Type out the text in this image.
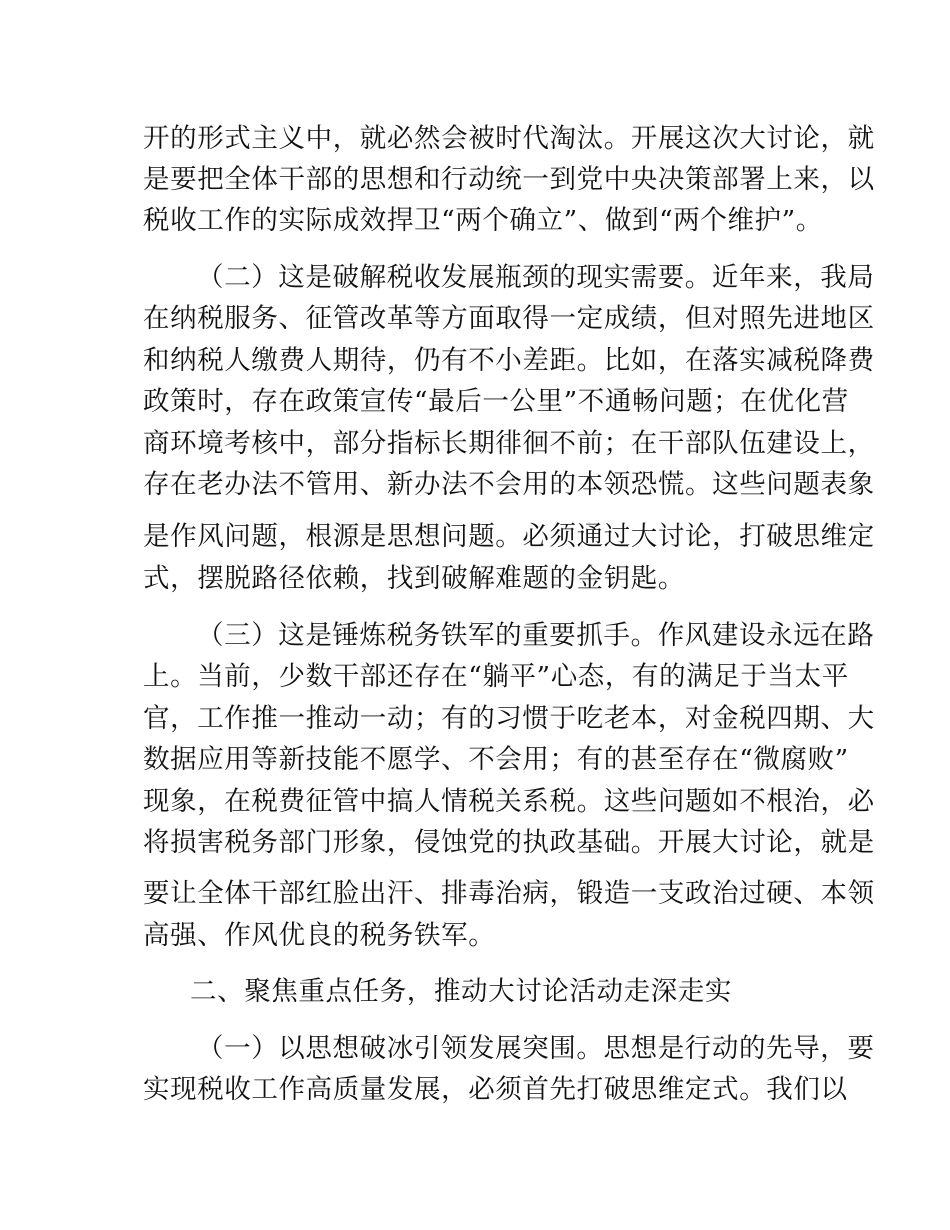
开的形式主义中，就必然会被时代淘汰。开展这次大讨论，就
是要把全体干部的思想和行动统一到党中央决策部署上来，以
税收工作的实际成效捍卫“两个确立”、做到“两个维护”。
（二）这是破解税收发展瓶颈的现实需要。近年来，我局
在纳税服务、征管改革等方面取得一定成绩，但对照先进地区
和纳税人缴费人期待，仍有不小差距。比如，在落实减税降费
政策时，存在政策宣传“最后一公里”不通畅问题；在优化营
商环境考核中，部分指标长期徘徊不前；在干部队伍建设上，
存在老办法不管用、新办法不会用的本领恐慌。这些问题表象
是作风问题，根源是思想问题。必须通过大讨论，打破思维定
式，摆脱路径依赖，找到破解难题的金钥匙。
（三）这是锤炼税务铁军的重要抓手。作风建设永远在路
上。当前，少数干部还存在“躺平”心态，有的满足于当太平
官，工作推一推动一动；有的习惯于吃老本，对金税四期、大
数据应用等新技能不愿学、不会用；有的甚至存在“微腐败”
现象，在税费征管中搞人情税关系税。这些问题如不根治，必
将损害税务部门形象，侵蚀党的执政基础。开展大讨论，就是
要让全体干部红脸出汗、排毒治病，锻造一支政治过硬、本领
高强、作风优良的税务铁军。
二、聚焦重点任务，推动大讨论活动走深走实
（一）以思想破冰引领发展突围。思想是行动的先导，要
实现税收工作高质量发展，必须首先打破思维定式。我们以
